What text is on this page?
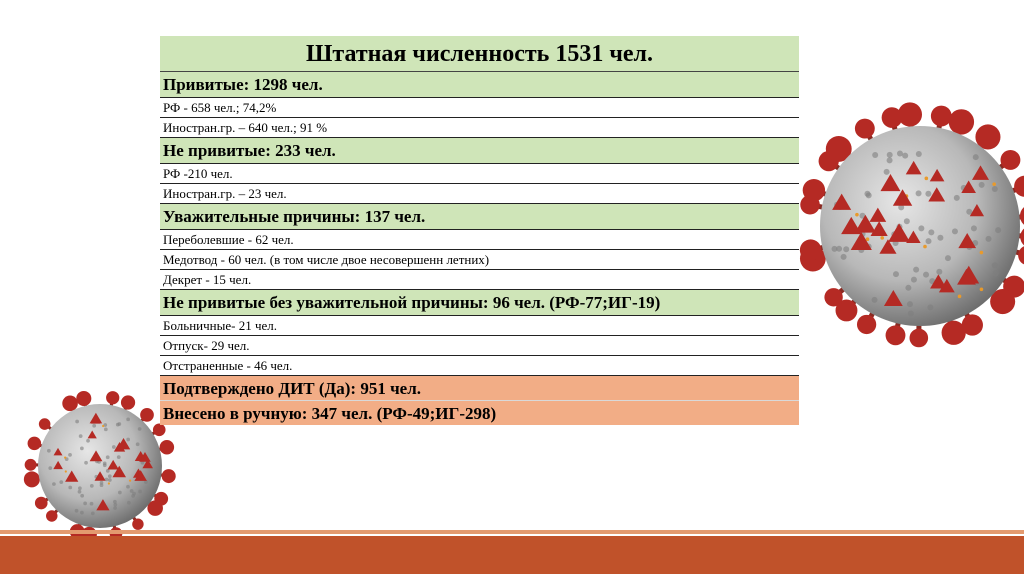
Штатная численность 1531 чел.
Привитые: 1298 чел.
РФ - 658 чел.; 74,2%
Иностран.гр. – 640 чел.; 91 %
Не привитые: 233 чел.
РФ -210 чел.
Иностран.гр. – 23 чел.
Уважительные причины: 137 чел.
Переболевшие - 62 чел.
Медотвод - 60 чел. (в том числе двое несовершенн летних)
Декрет - 15 чел.
Не привитые без уважительной причины: 96 чел. (РФ-77;ИГ-19)
Больничные- 21 чел.
Отпуск- 29 чел.
Отстраненные - 46 чел.
Подтверждено ДИТ (Да): 951 чел.
Внесено в ручную: 347 чел. (РФ-49;ИГ-298)
